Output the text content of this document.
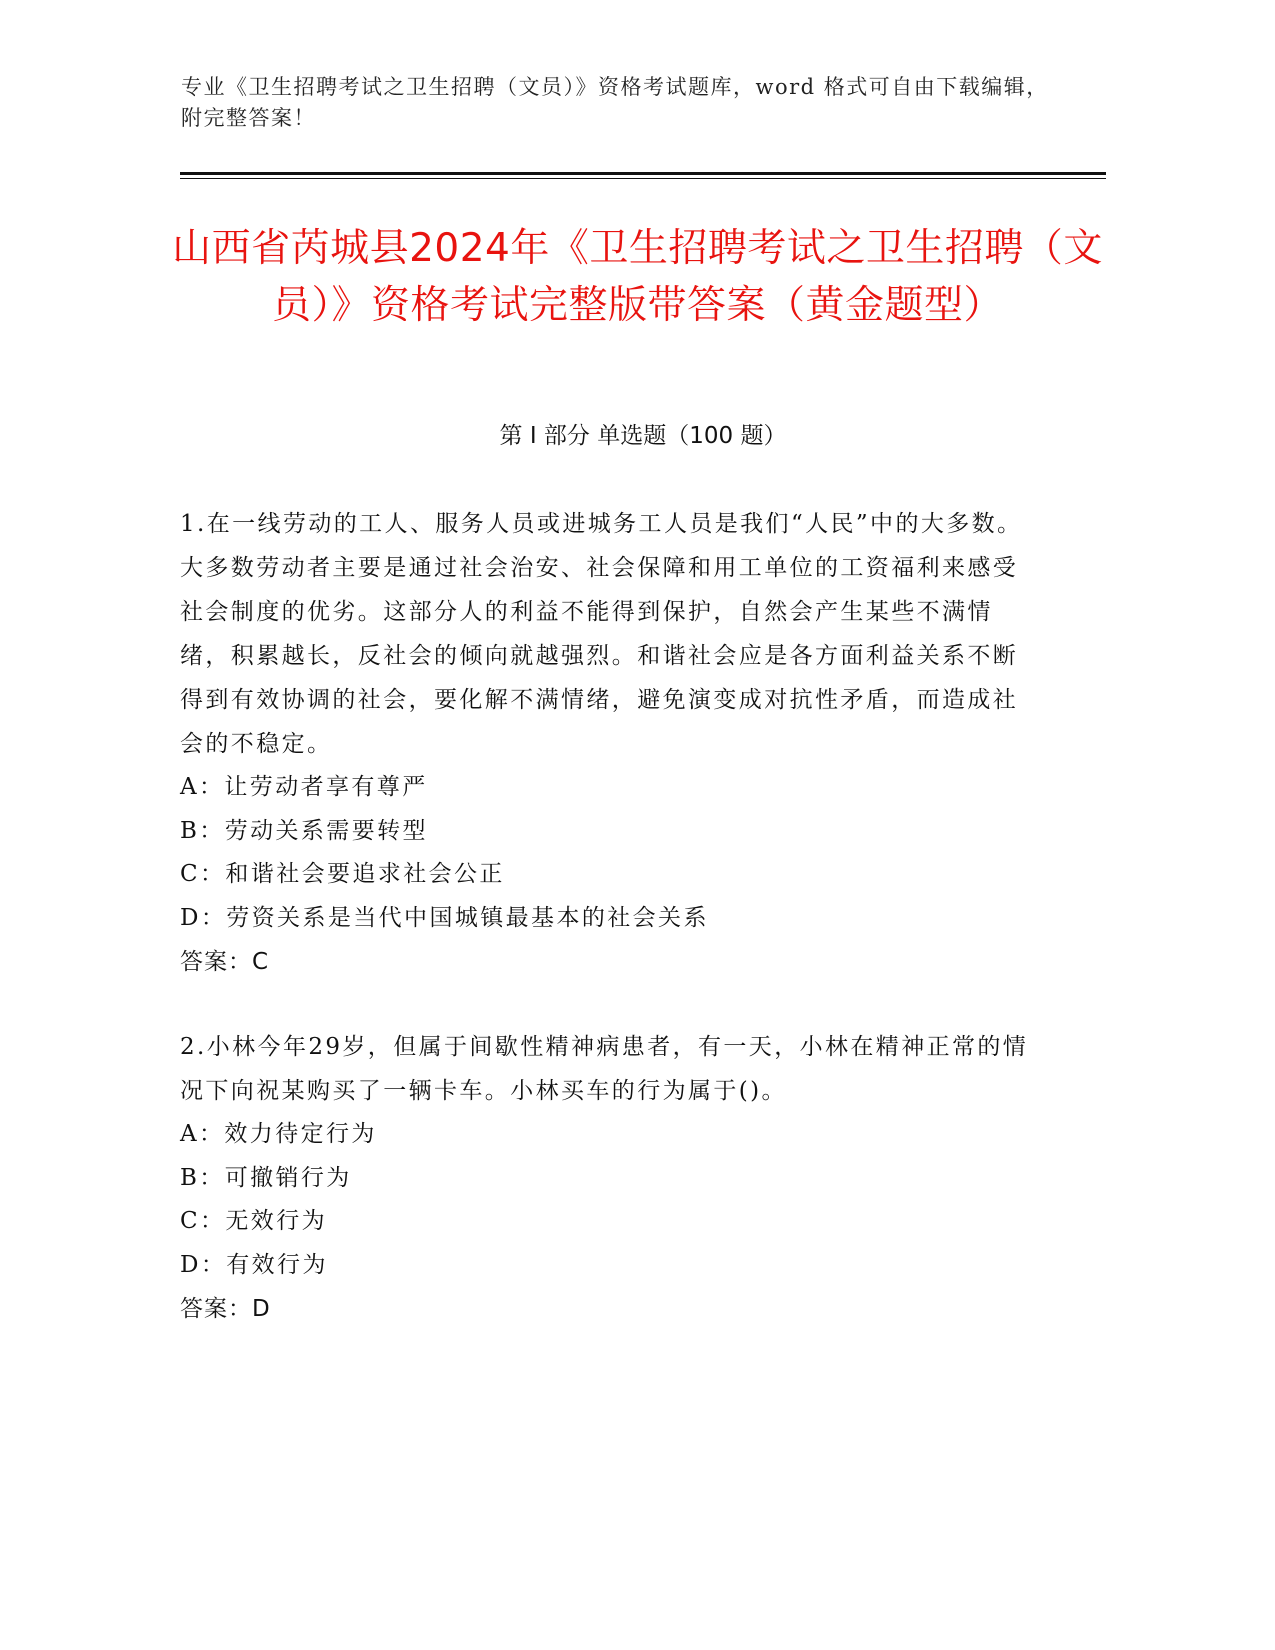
专业《卫生招聘考试之卫生招聘（文员）》资格考试题库，word 格式可自由下载编辑，附完整答案！
山西省芮城县2024年《卫生招聘考试之卫生招聘（文员）》资格考试完整版带答案（黄金题型）
第 I 部分 单选题（100 题）

1.在一线劳动的工人、服务人员或进城务工人员是我们“人民”中的大多数。大多数劳动者主要是通过社会治安、社会保障和用工单位的工资福利来感受社会制度的优劣。这部分人的利益不能得到保护，自然会产生某些不满情绪，积累越长，反社会的倾向就越强烈。和谐社会应是各方面利益关系不断得到有效协调的社会，要化解不满情绪，避免演变成对抗性矛盾，而造成社会的不稳定。

A：让劳动者享有尊严

B：劳动关系需要转型

C：和谐社会要追求社会公正

D：劳资关系是当代中国城镇最基本的社会关系

答案：C

2.小林今年29岁，但属于间歇性精神病患者，有一天，小林在精神正常的情况下向祝某购买了一辆卡车。小林买车的行为属于()。

A：效力待定行为

B：可撤销行为

C：无效行为

D：有效行为

答案：D
